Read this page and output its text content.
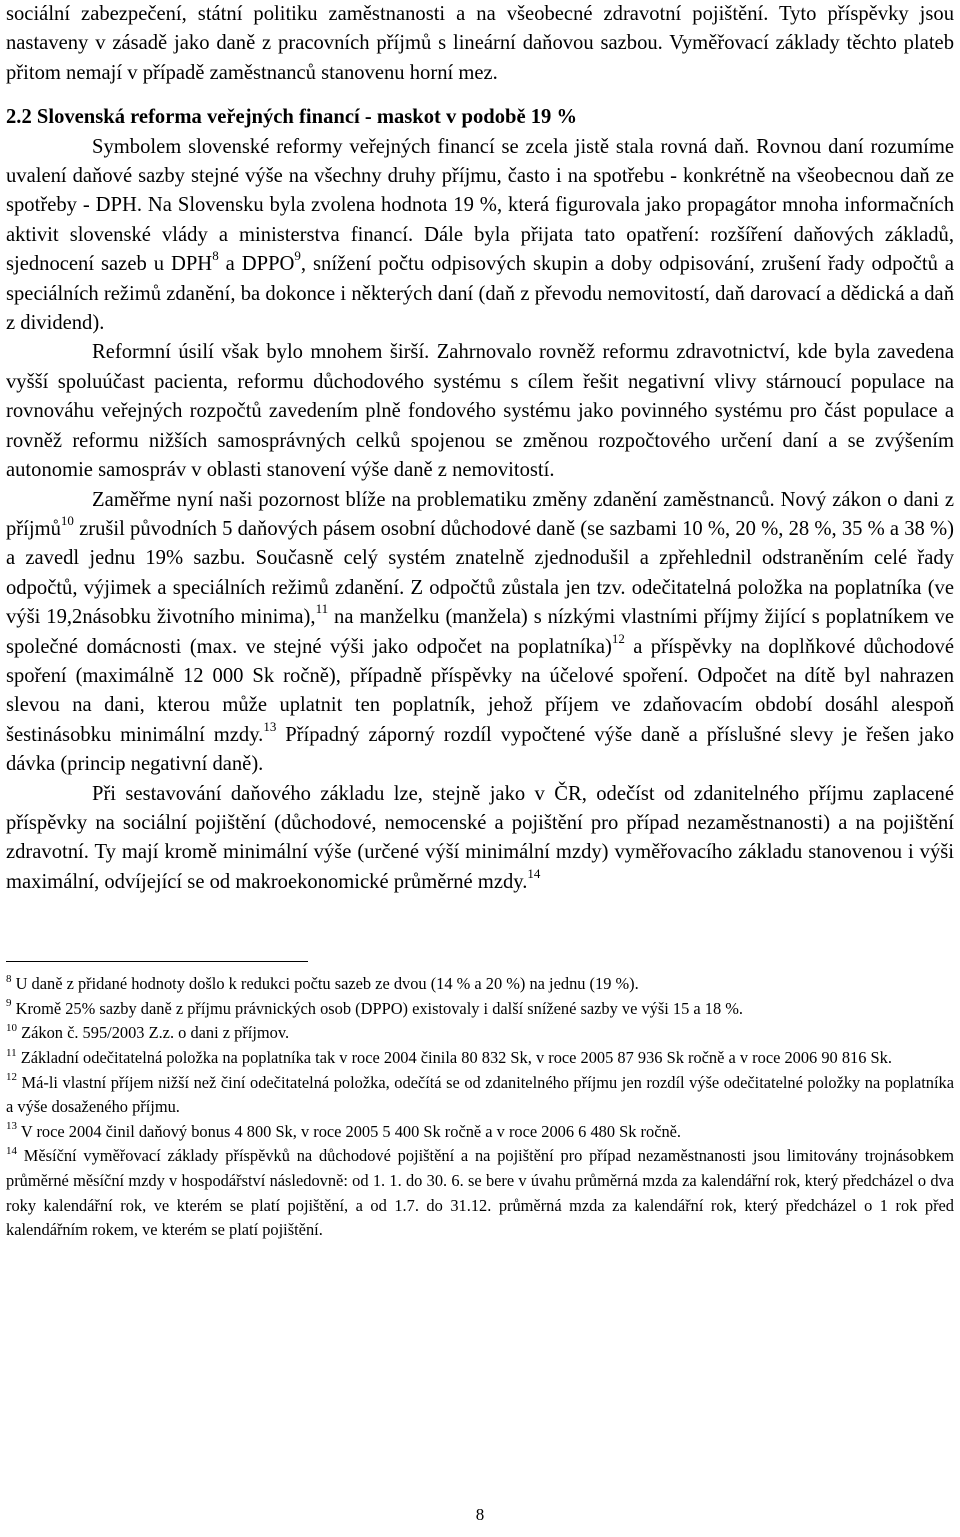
sociální zabezpečení, státní politiku zaměstnanosti a na všeobecné zdravotní pojištění. Tyto příspěvky jsou nastaveny v zásadě jako daně z pracovních příjmů s lineární daňovou sazbou. Vyměřovací základy těchto plateb přitom nemají v případě zaměstnanců stanovenu horní mez.

2.2 Slovenská reforma veřejných financí - maskot v podobě 19 %

Symbolem slovenské reformy veřejných financí se zcela jistě stala rovná daň. Rovnou daní rozumíme uvalení daňové sazby stejné výše na všechny druhy příjmu, často i na spotřebu - konkrétně na všeobecnou daň ze spotřeby - DPH. Na Slovensku byla zvolena hodnota 19 %, která figurovala jako propagátor mnoha informačních aktivit slovenské vlády a ministerstva financí. Dále byla přijata tato opatření: rozšíření daňových základů, sjednocení sazeb u DPH$^8$ a DPPO$^9$, snížení počtu odpisových skupin a doby odpisování, zrušení řady odpočtů a speciálních režimů zdanění, ba dokonce i některých daní (daň z převodu nemovitostí, daň darovací a dědická a daň z dividend).

Reformní úsilí však bylo mnohem širší. Zahrnovalo rovněž reformu zdravotnictví, kde byla zavedena vyšší spoluúčast pacienta, reformu důchodového systému s cílem řešit negativní vlivy stárnoucí populace na rovnováhu veřejných rozpočtů zavedením plně fondového systému jako povinného systému pro část populace a rovněž reformu nižších samosprávných celků spojenou se změnou rozpočtového určení daní a se zvýšením autonomie samospráv v oblasti stanovení výše daně z nemovitostí.

Zaměřme nyní naši pozornost blíže na problematiku změny zdanění zaměstnanců. Nový zákon o dani z příjmů$^{10}$ zrušil původních 5 daňových pásem osobní důchodové daně (se sazbami 10 %, 20 %, 28 %, 35 % a 38 %) a zavedl jednu 19% sazbu. Současně celý systém znatelně zjednodušil a zpřehlednil odstraněním celé řady odpočtů, výjimek a speciálních režimů zdanění. Z odpočtů zůstala jen tzv. odečitatelná položka na poplatníka (ve výši 19,2násobku životního minima),$^{11}$ na manželku (manžela) s nízkými vlastními příjmy žijící s poplatníkem ve společné domácnosti (max. ve stejné výši jako odpočet na poplatníka)$^{12}$ a příspěvky na doplňkové důchodové spoření (maximálně 12 000 Sk ročně), případně příspěvky na účelové spoření. Odpočet na dítě byl nahrazen slevou na dani, kterou může uplatnit ten poplatník, jehož příjem ve zdaňovacím období dosáhl alespoň šestinásobku minimální mzdy.$^{13}$ Případný záporný rozdíl vypočtené výše daně a příslušné slevy je řešen jako dávka (princip negativní daně).

Při sestavování daňového základu lze, stejně jako v ČR, odečíst od zdanitelného příjmu zaplacené příspěvky na sociální pojištění (důchodové, nemocenské a pojištění pro případ nezaměstnanosti) a na pojištění zdravotní. Ty mají kromě minimální výše (určené výší minimální mzdy) vyměřovacího základu stanovenou i výši maximální, odvíjející se od makroekonomické průměrné mzdy.$^{14}$

$^8$ U daně z přidané hodnoty došlo k redukci počtu sazeb ze dvou (14 % a 20 %) na jednu (19 %).

$^9$ Kromě 25% sazby daně z příjmu právnických osob (DPPO) existovaly i další snížené sazby ve výši 15 a 18 %.

$^{10}$ Zákon č. 595/2003 Z.z. o dani z příjmov.

$^{11}$ Základní odečitatelná položka na poplatníka tak v roce 2004 činila 80 832 Sk, v roce 2005 87 936 Sk ročně a v roce 2006 90 816 Sk.

$^{12}$ Má-li vlastní příjem nižší než činí odečitatelná položka, odečítá se od zdanitelného příjmu jen rozdíl výše odečitatelné položky na poplatníka a výše dosaženého příjmu.

$^{13}$ V roce 2004 činil daňový bonus 4 800 Sk, v roce 2005 5 400 Sk ročně a v roce 2006 6 480 Sk ročně.

$^{14}$ Měsíční vyměřovací základy příspěvků na důchodové pojištění a na pojištění pro případ nezaměstnanosti jsou limitovány trojnásobkem průměrné měsíční mzdy v hospodářství následovně: od 1. 1. do 30. 6. se bere v úvahu průměrná mzda za kalendářní rok, který předcházel o dva roky kalendářní rok, ve kterém se platí pojištění, a od 1.7. do 31.12. průměrná mzda za kalendářní rok, který předcházel o 1 rok před kalendářním rokem, ve kterém se platí pojištění.

8
